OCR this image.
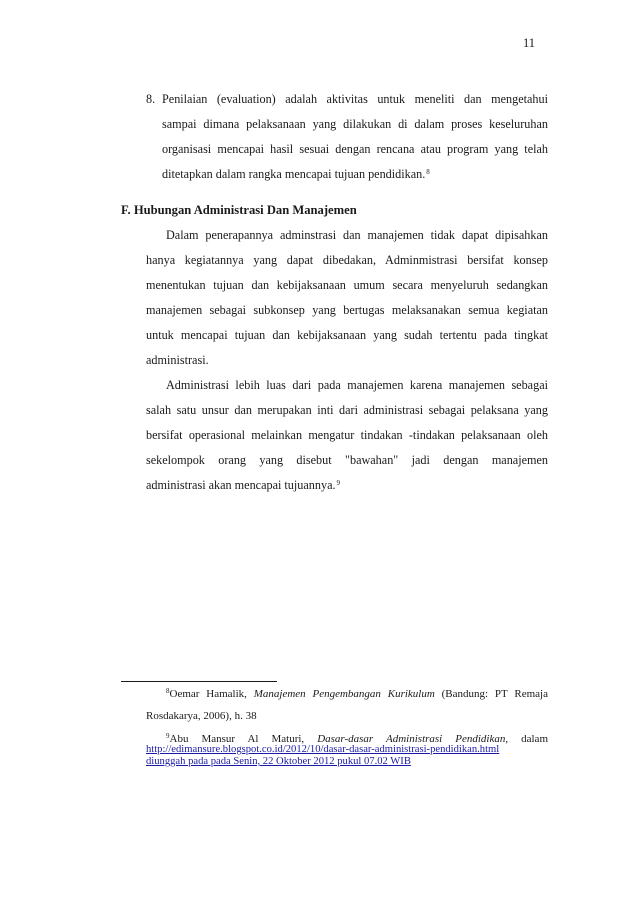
11
8. Penilaian (evaluation) adalah aktivitas untuk meneliti dan mengetahui
sampai dimana pelaksanaan yang dilakukan di dalam proses keseluruhan
organisasi mencapai hasil sesuai dengan rencana atau program yang telah
ditetapkan dalam rangka mencapai tujuan pendidikan.$^8$
F. Hubungan Administrasi Dan Manajemen
Dalam penerapannya adminstrasi dan manajemen tidak dapat dipisahkan
hanya kegiatannya yang dapat dibedakan, Adminmistrasi bersifat konsep
menentukan tujuan dan kebijaksanaan umum secara menyeluruh sedangkan
manajemen sebagai subkonsep yang bertugas melaksanakan semua kegiatan
untuk mencapai tujuan dan kebijaksanaan yang sudah tertentu pada tingkat
administrasi.
Administrasi lebih luas dari pada manajemen karena manajemen sebagai
salah satu unsur dan merupakan inti dari administrasi sebagai pelaksana yang
bersifat operasional melainkan mengatur tindakan -tindakan pelaksanaan oleh
sekelompok orang yang disebut "bawahan" jadi dengan manajemen
administrasi akan mencapai tujuannya.$^9$
$^8$Oemar Hamalik, Manajemen Pengembangan Kurikulum (Bandung: PT Remaja
Rosdakarya, 2006), h. 38
$^9$Abu Mansur Al Maturi, Dasar-dasar Administrasi Pendidikan, dalam
http://edimansure.blogspot.co.id/2012/10/dasar-dasar-administrasi-pendidikan.html
diunggah pada pada Senin, 22 Oktober 2012 pukul 07.02 WIB
